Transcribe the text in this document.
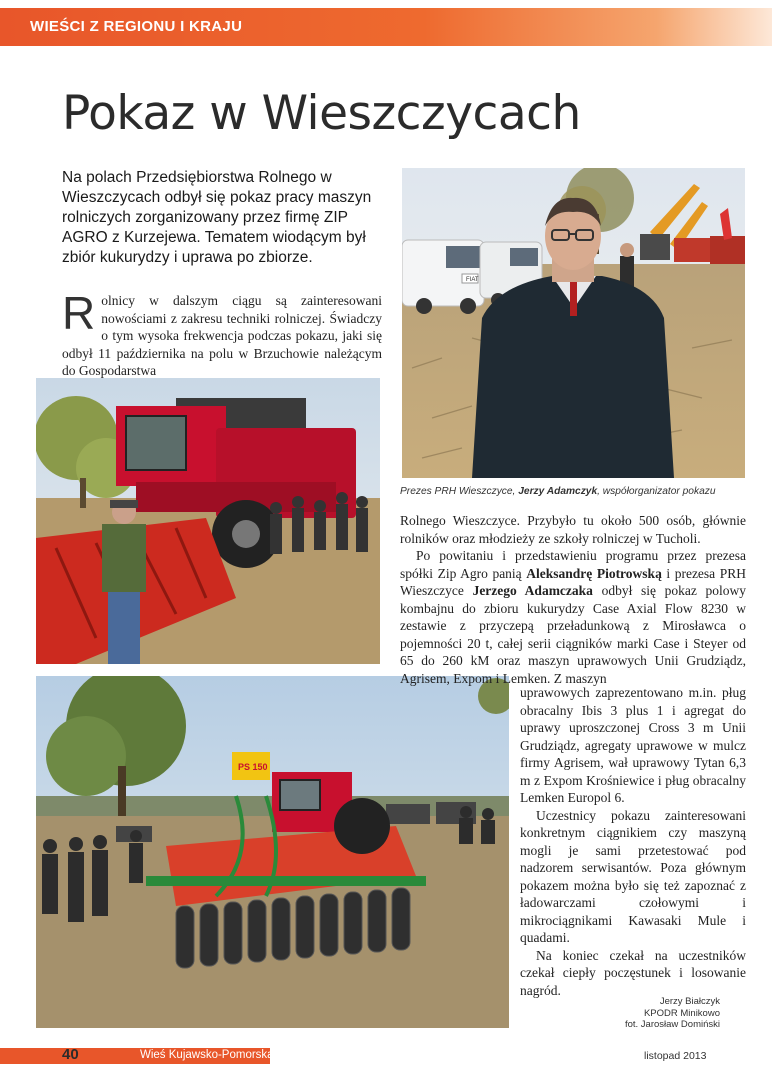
WIEŚCI Z REGIONU I KRAJU
Pokaz w Wieszczycach
Na polach Przedsiębiorstwa Rolnego w Wieszczycach odbył się pokaz pracy maszyn rolniczych zorganizowany przez firmę ZIP AGRO z Kurzejewa. Tematem wiodącym był zbiór kukurydzy i uprawa po zbiorze.
R olnicy w dalszym ciągu są zainteresowani nowościami z zakresu techniki rolniczej. Świadczy o tym wysoka frekwencja podczas pokazu, jaki się odbył 11 października na polu w Brzuchowie należącym do Gospodarstwa
FIAT
Prezes PRH Wieszczyce, Jerzy Adamczyk, współorganizator pokazu
PS 150

Rolnego Wieszczyce. Przybyło tu około 500 osób, głównie rolników oraz młodzieży ze szkoły rolniczej w Tucholi.

Po powitaniu i przedstawieniu programu przez prezesa spółki Zip Agro panią Aleksandrę Piotrowską i prezesa PRH Wieszczyce Jerzego Adamczaka odbył się pokaz polowy kombajnu do zbioru kukurydzy Case Axial Flow 8230 w zestawie z przyczepą przeładunkową z Mirosławca o pojemności 20 t, całej serii ciągników marki Case i Steyer od 65 do 260 kM oraz maszyn uprawowych Unii Grudziądz, Agrisem, Expom i Lemken. Z maszyn

uprawowych zaprezentowano m.in. pług obracalny Ibis 3 plus 1 i agregat do uprawy uproszczonej Cross 3 m Unii Grudziądz, agregaty uprawowe w mulcz firmy Agrisem, wał uprawowy Tytan 6,3 m z Expom Krośniewice i pług obracalny Lemken Europol 6.

Uczestnicy pokazu zainteresowani konkretnym ciągnikiem czy maszyną mogli je sami przetestować pod nadzorem serwisantów. Poza głównym pokazem można było się też zapoznać z ładowarczami czołowymi i mikrociągnikami Kawasaki Mule i quadami.

Na koniec czekał na uczestników czekał ciepły poczęstunek i losowanie nagród.

Jerzy Białczyk
KPODR Minikowo
fot. Jarosław Domiński
40	Wieś Kujawsko-Pomorska	listopad 2013
